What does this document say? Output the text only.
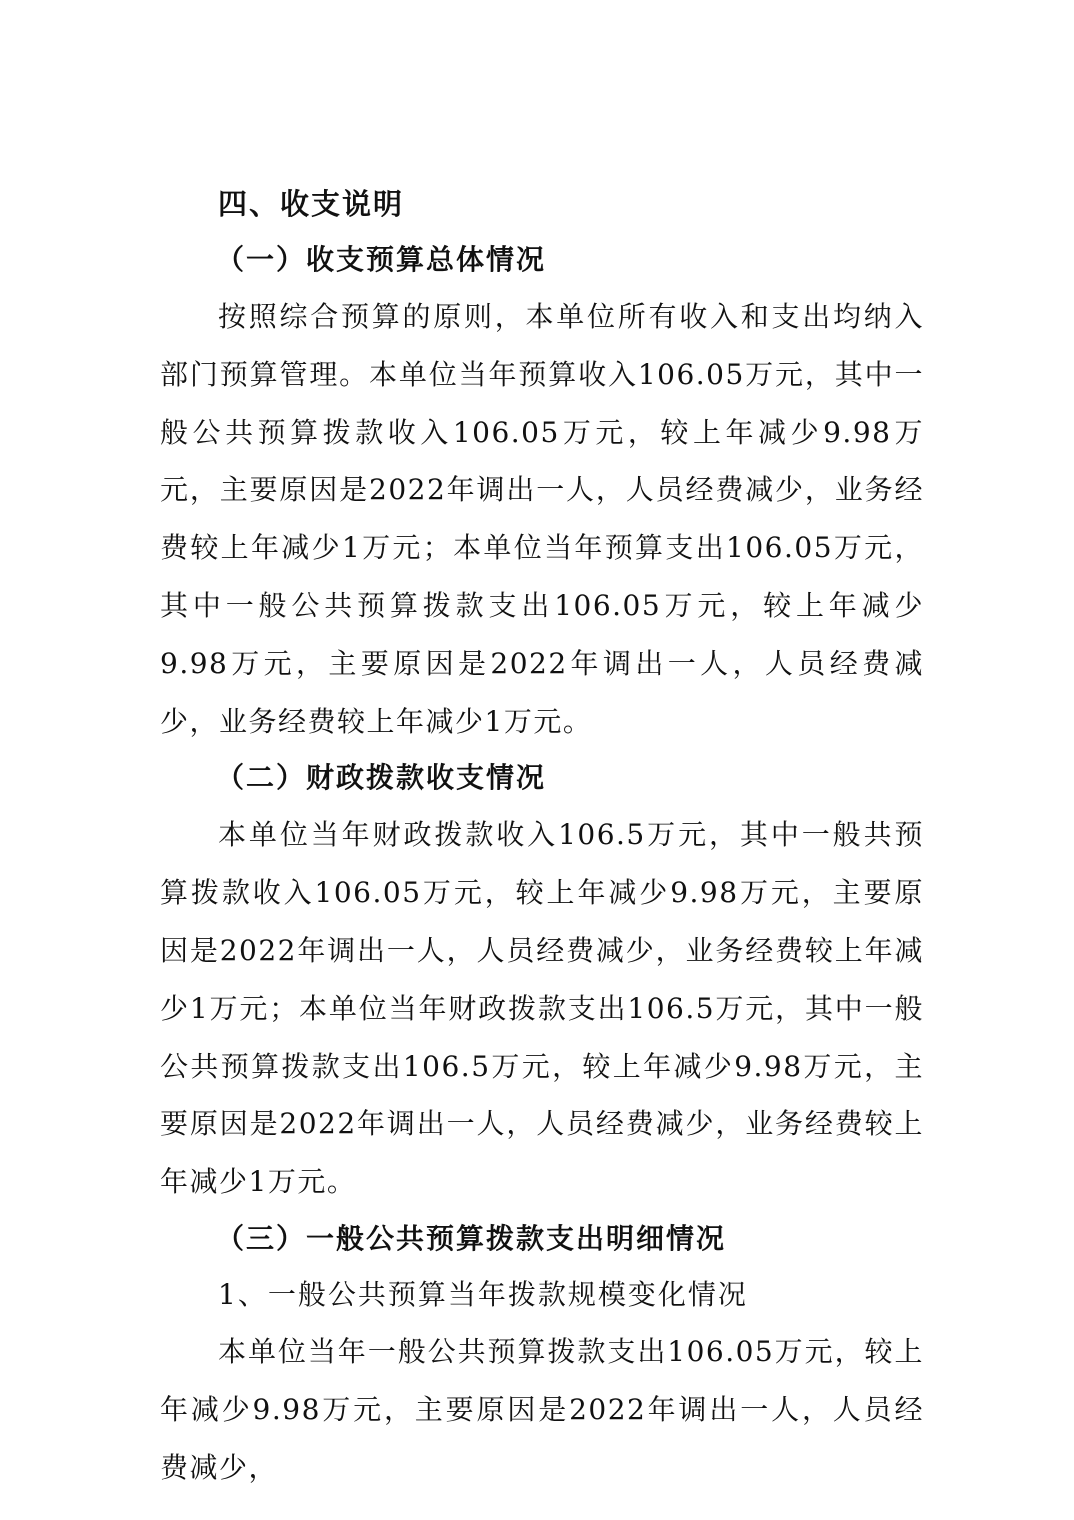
四、收支说明
（一）收支预算总体情况

按照综合预算的原则，本单位所有收入和支出均纳入部门预算管理。本单位当年预算收入106.05万元，其中一般公共预算拨款收入106.05万元，较上年减少9.98万元，主要原因是2022年调出一人，人员经费减少，业务经费较上年减少1万元；本单位当年预算支出106.05万元，其中一般公共预算拨款支出106.05万元，较上年减少9.98万元，主要原因是2022年调出一人，人员经费减少，业务经费较上年减少1万元。

（二）财政拨款收支情况

本单位当年财政拨款收入106.5万元，其中一般共预算拨款收入106.05万元，较上年减少9.98万元，主要原因是2022年调出一人，人员经费减少，业务经费较上年减少1万元；本单位当年财政拨款支出106.5万元，其中一般公共预算拨款支出106.5万元，较上年减少9.98万元，主要原因是2022年调出一人，人员经费减少，业务经费较上年减少1万元。

（三）一般公共预算拨款支出明细情况
1、一般公共预算当年拨款规模变化情况

本单位当年一般公共预算拨款支出106.05万元，较上年减少9.98万元，主要原因是2022年调出一人，人员经费减少，
